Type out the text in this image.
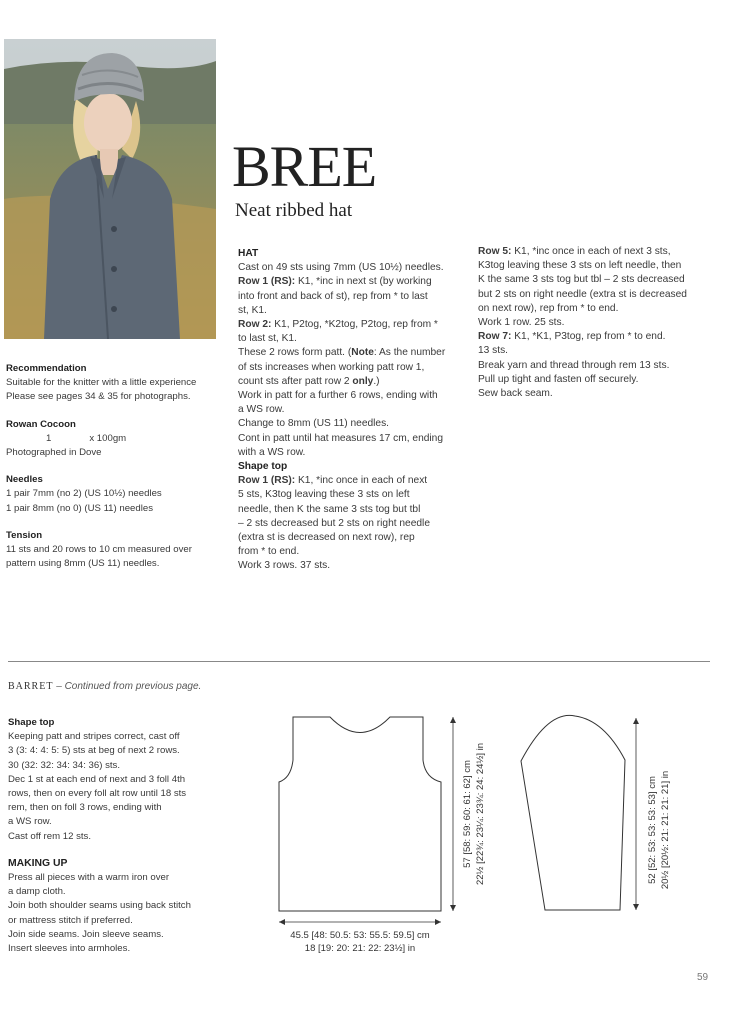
BREE
Neat ribbed hat

Recommendation

Suitable for the knitter with a little experience

Please see pages 34 & 35 for photographs.

Rowan Cocoon

1	x 100gm

Photographed in Dove

Needles

1 pair 7mm (no 2) (US 10½) needles

1 pair 8mm (no 0) (US 11) needles

Tension

11 sts and 20 rows to 10 cm measured over

pattern using 8mm (US 11) needles.

HAT

Cast on 49 sts using 7mm (US 10½) needles.

Row 1 (RS): K1, *inc in next st (by working

into front and back of st), rep from * to last

st, K1.

Row 2: K1, P2tog, *K2tog, P2tog, rep from *

to last st, K1.

These 2 rows form patt. (Note: As the number

of sts increases when working patt row 1,

count sts after patt row 2 only.)

Work in patt for a further 6 rows, ending with

a WS row.

Change to 8mm (US 11) needles.

Cont in patt until hat measures 17 cm, ending

with a WS row.

Shape top

Row 1 (RS): K1, *inc once in each of next

5 sts, K3tog leaving these 3 sts on left

needle, then K the same 3 sts tog but tbl

– 2 sts decreased but 2 sts on right needle

(extra st is decreased on next row), rep

from * to end.

Work 3 rows. 37 sts.

Row 5: K1, *inc once in each of next 3 sts,

K3tog leaving these 3 sts on left needle, then

K the same 3 sts tog but tbl – 2 sts decreased

but 2 sts on right needle (extra st is decreased

on next row), rep from * to end.

Work 1 row. 25 sts.

Row 7: K1, *K1, P3tog, rep from * to end.

13 sts.

Break yarn and thread through rem 13 sts.

Pull up tight and fasten off securely.

Sew back seam.

BARRET – Continued from previous page.

Shape top

Keeping patt and stripes correct, cast off

3 (3: 4: 4: 5: 5) sts at beg of next 2 rows.

30 (32: 32: 34: 34: 36) sts.

Dec 1 st at each end of next and 3 foll 4th

rows, then on every foll alt row until 18 sts

rem, then on foll 3 rows, ending with

a WS row.

Cast off rem 12 sts.

MAKING UP

Press all pieces with a warm iron over

a damp cloth.

Join both shoulder seams using back stitch

or mattress stitch if preferred.

Join side seams. Join sleeve seams.

Insert sleeves into armholes.

45.5 [48: 50.5: 53: 55.5: 59.5] cm
18 [19: 20: 21: 22: 23½] in
57 [58: 59: 60: 61: 62] cm 22½ [22¾: 23¼: 23¾: 24: 24½] in	52 [52: 53: 53: 53: 53] cm 20½ [20½: 21: 21: 21: 21] in
59
